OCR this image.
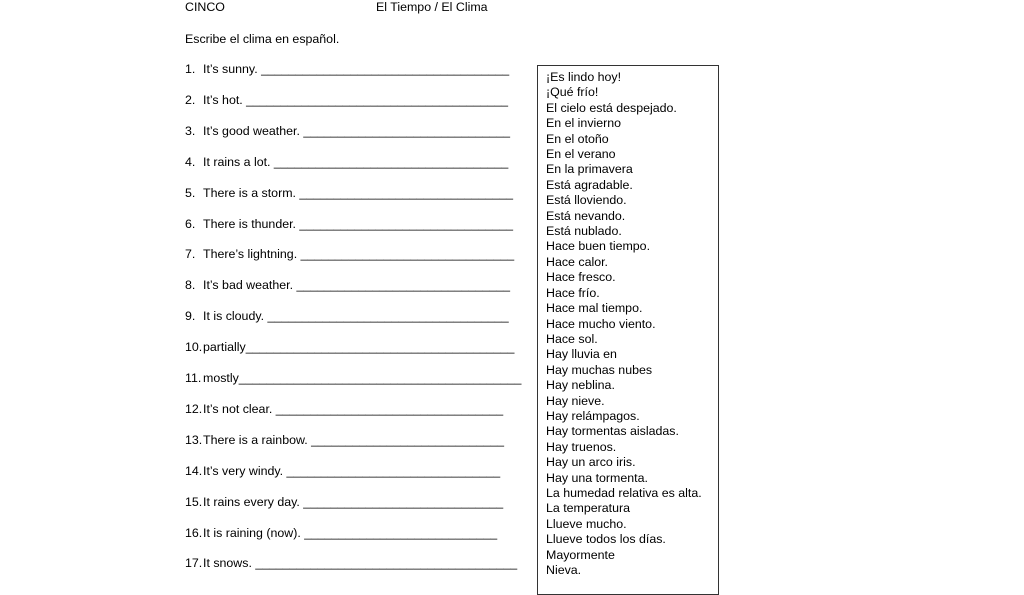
CINCO	El Tiempo / El Clima
Escribe el clima en español.
1. It’s sunny. ____________________________________
2. It’s hot. ______________________________________
3. It’s good weather. ______________________________
4. It rains a lot. __________________________________
5. There is a storm. _______________________________
6. There is thunder. _______________________________
7. There’s lightning. _______________________________
8. It’s bad weather. _______________________________
9. It is cloudy. ___________________________________
10.partially_______________________________________
11. mostly_________________________________________
12.It’s not clear. _________________________________
13.There is a rainbow. ____________________________
14.It’s very windy. _______________________________
15.It rains every day. _____________________________
16.It is raining (now). ____________________________
17.It snows. ______________________________________
¡Es lindo hoy!
¡Qué frío!
El cielo está despejado.
En el invierno
En el otoño
En el verano
En la primavera
Está agradable.
Está lloviendo.
Está nevando.
Está nublado.
Hace buen tiempo.
Hace calor.
Hace fresco.
Hace frío.
Hace mal tiempo.
Hace mucho viento.
Hace sol.
Hay lluvia en
Hay muchas nubes
Hay neblina.
Hay nieve.
Hay relámpagos.
Hay tormentas aisladas.
Hay truenos.
Hay un arco iris.
Hay una tormenta.
La humedad relativa es alta.
La temperatura
Llueve mucho.
Llueve todos los días.
Mayormente
Nieva.
